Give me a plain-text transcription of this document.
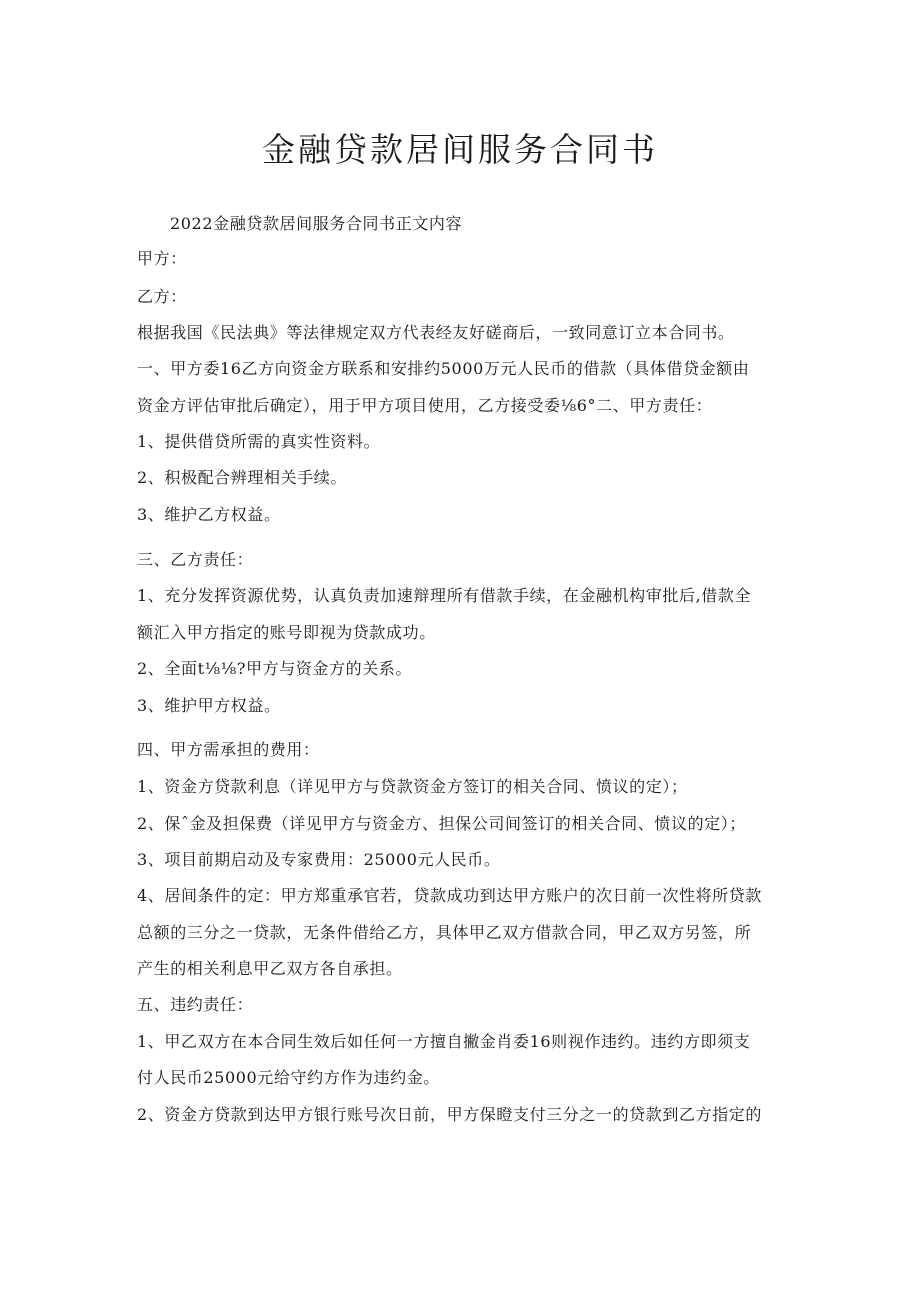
金融贷款居间服务合同书
2022金融贷款居间服务合同书正文内容
甲方：
乙方：
根据我国《民法典》等法律规定双方代表经友好磋商后，一致同意订立本合同书。
一、甲方委16乙方向资金方联系和安排约5000万元人民币的借款（具体借贷金额由
资金方评估审批后确定），用于甲方项目使用，乙方接受委⅛6°二、甲方责任：
1、提供借贷所需的真实性资料。
2、积极配合辨理相关手续。
3、维护乙方权益。
三、乙方责任：
1、充分发挥资源优势，认真负责加速辩理所有借款手续，在金融机构审批后,借款全
额汇入甲方指定的账号即视为贷款成功。
2、全面t⅛⅛?甲方与资金方的关系。
3、维护甲方权益。
四、甲方需承担的费用：
1、资金方贷款利息（详见甲方与贷款资金方签订的相关合同、愤议的定）；
2、保ˆ金及担保费（详见甲方与资金方、担保公司间签订的相关合同、愤议的定）；
3、项目前期启动及专家费用：25000元人民币。
4、居间条件的定：甲方郑重承官若，贷款成功到达甲方账户的次日前一次性将所贷款
总额的三分之一贷款，无条件借给乙方，具体甲乙双方借款合同，甲乙双方另签，所
产生的相关利息甲乙双方各自承担。
五、违约责任：
1、甲乙双方在本合同生效后如任何一方擅自撇金肖委16则视作违约。违约方即须支
付人民币25000元给守约方作为违约金。
2、资金方贷款到达甲方银行账号次日前，甲方保瞪支付三分之一的贷款到乙方指定的
